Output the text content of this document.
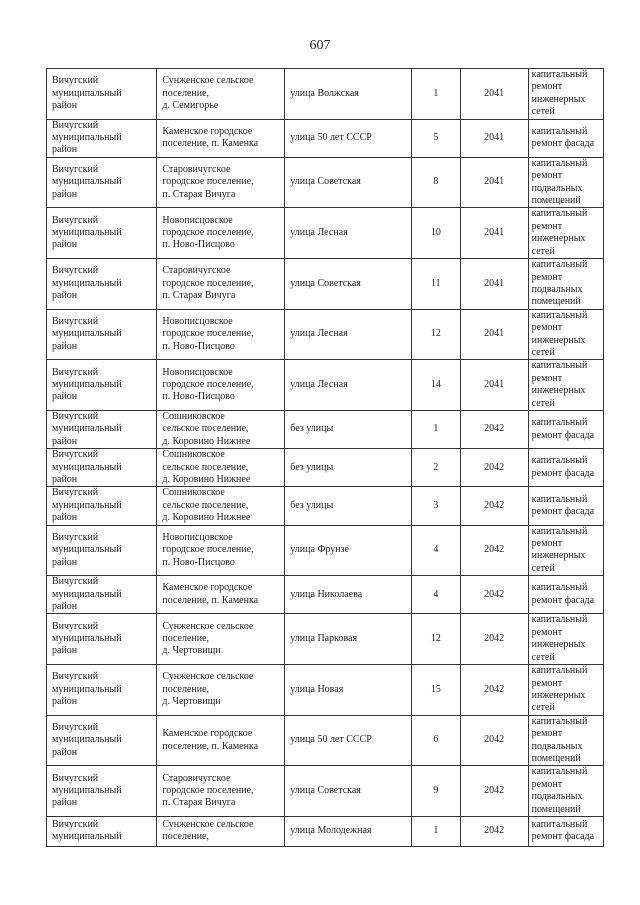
607
Вичугский
муниципальный
район	Сунженское сельское
поселение,
д. Семигорье	улица Волжская	1	2041	капитальный
ремонт
инженерных
сетей

Вичугский
муниципальный
район	Каменское городское
поселение, п. Каменка	улица 50 лет СССР	5	2041	капитальный
ремонт фасада

Вичугский
муниципальный
район	Старовичугское
городское поселение,
п. Старая Вичуга	улица Советская	8	2041	капитальный
ремонт
подвальных
помещений

Вичугский
муниципальный
район	Новописцовское
городское поселение,
п. Ново-Писцово	улица Лесная	10	2041	капитальный
ремонт
инженерных
сетей

Вичугский
муниципальный
район	Старовичугское
городское поселение,
п. Старая Вичуга	улица Советская	11	2041	капитальный
ремонт
подвальных
помещений

Вичугский
муниципальный
район	Новописцовское
городское поселение,
п. Ново-Писцово	улица Лесная	12	2041	капитальный
ремонт
инженерных
сетей

Вичугский
муниципальный
район	Новописцовское
городское поселение,
п. Ново-Писцово	улица Лесная	14	2041	капитальный
ремонт
инженерных
сетей

Вичугский
муниципальный
район	Сошниковское
сельское поселение,
д. Коровино Нижнее	без улицы	1	2042	капитальный
ремонт фасада

Вичугский
муниципальный
район	Сошниковское
сельское поселение,
д. Коровино Нижнее	без улицы	2	2042	капитальный
ремонт фасада

Вичугский
муниципальный
район	Сошниковское
сельское поселение,
д. Коровино Нижнее	без улицы	3	2042	капитальный
ремонт фасада

Вичугский
муниципальный
район	Новописцовское
городское поселение,
п. Ново-Писцово	улица Фрунзе	4	2042	капитальный
ремонт
инженерных
сетей

Вичугский
муниципальный
район	Каменское городское
поселение, п. Каменка	улица Николаева	4	2042	капитальный
ремонт фасада

Вичугский
муниципальный
район	Сунженское сельское
поселение,
д. Чертовищи	улица Парковая	12	2042	капитальный
ремонт
инженерных
сетей

Вичугский
муниципальный
район	Сунженское сельское
поселение,
д. Чертовищи	улица Новая	15	2042	капитальный
ремонт
инженерных
сетей

Вичугский
муниципальный
район	Каменское городское
поселение, п. Каменка	улица 50 лет СССР	6	2042	капитальный
ремонт
подвальных
помещений

Вичугский
муниципальный
район	Старовичугское
городское поселение,
п. Старая Вичуга	улица Советская	9	2042	капитальный
ремонт
подвальных
помещений

Вичугский
муниципальный	Сунженское сельское
поселение,	улица Молодежная	1	2042	капитальный
ремонт фасада
